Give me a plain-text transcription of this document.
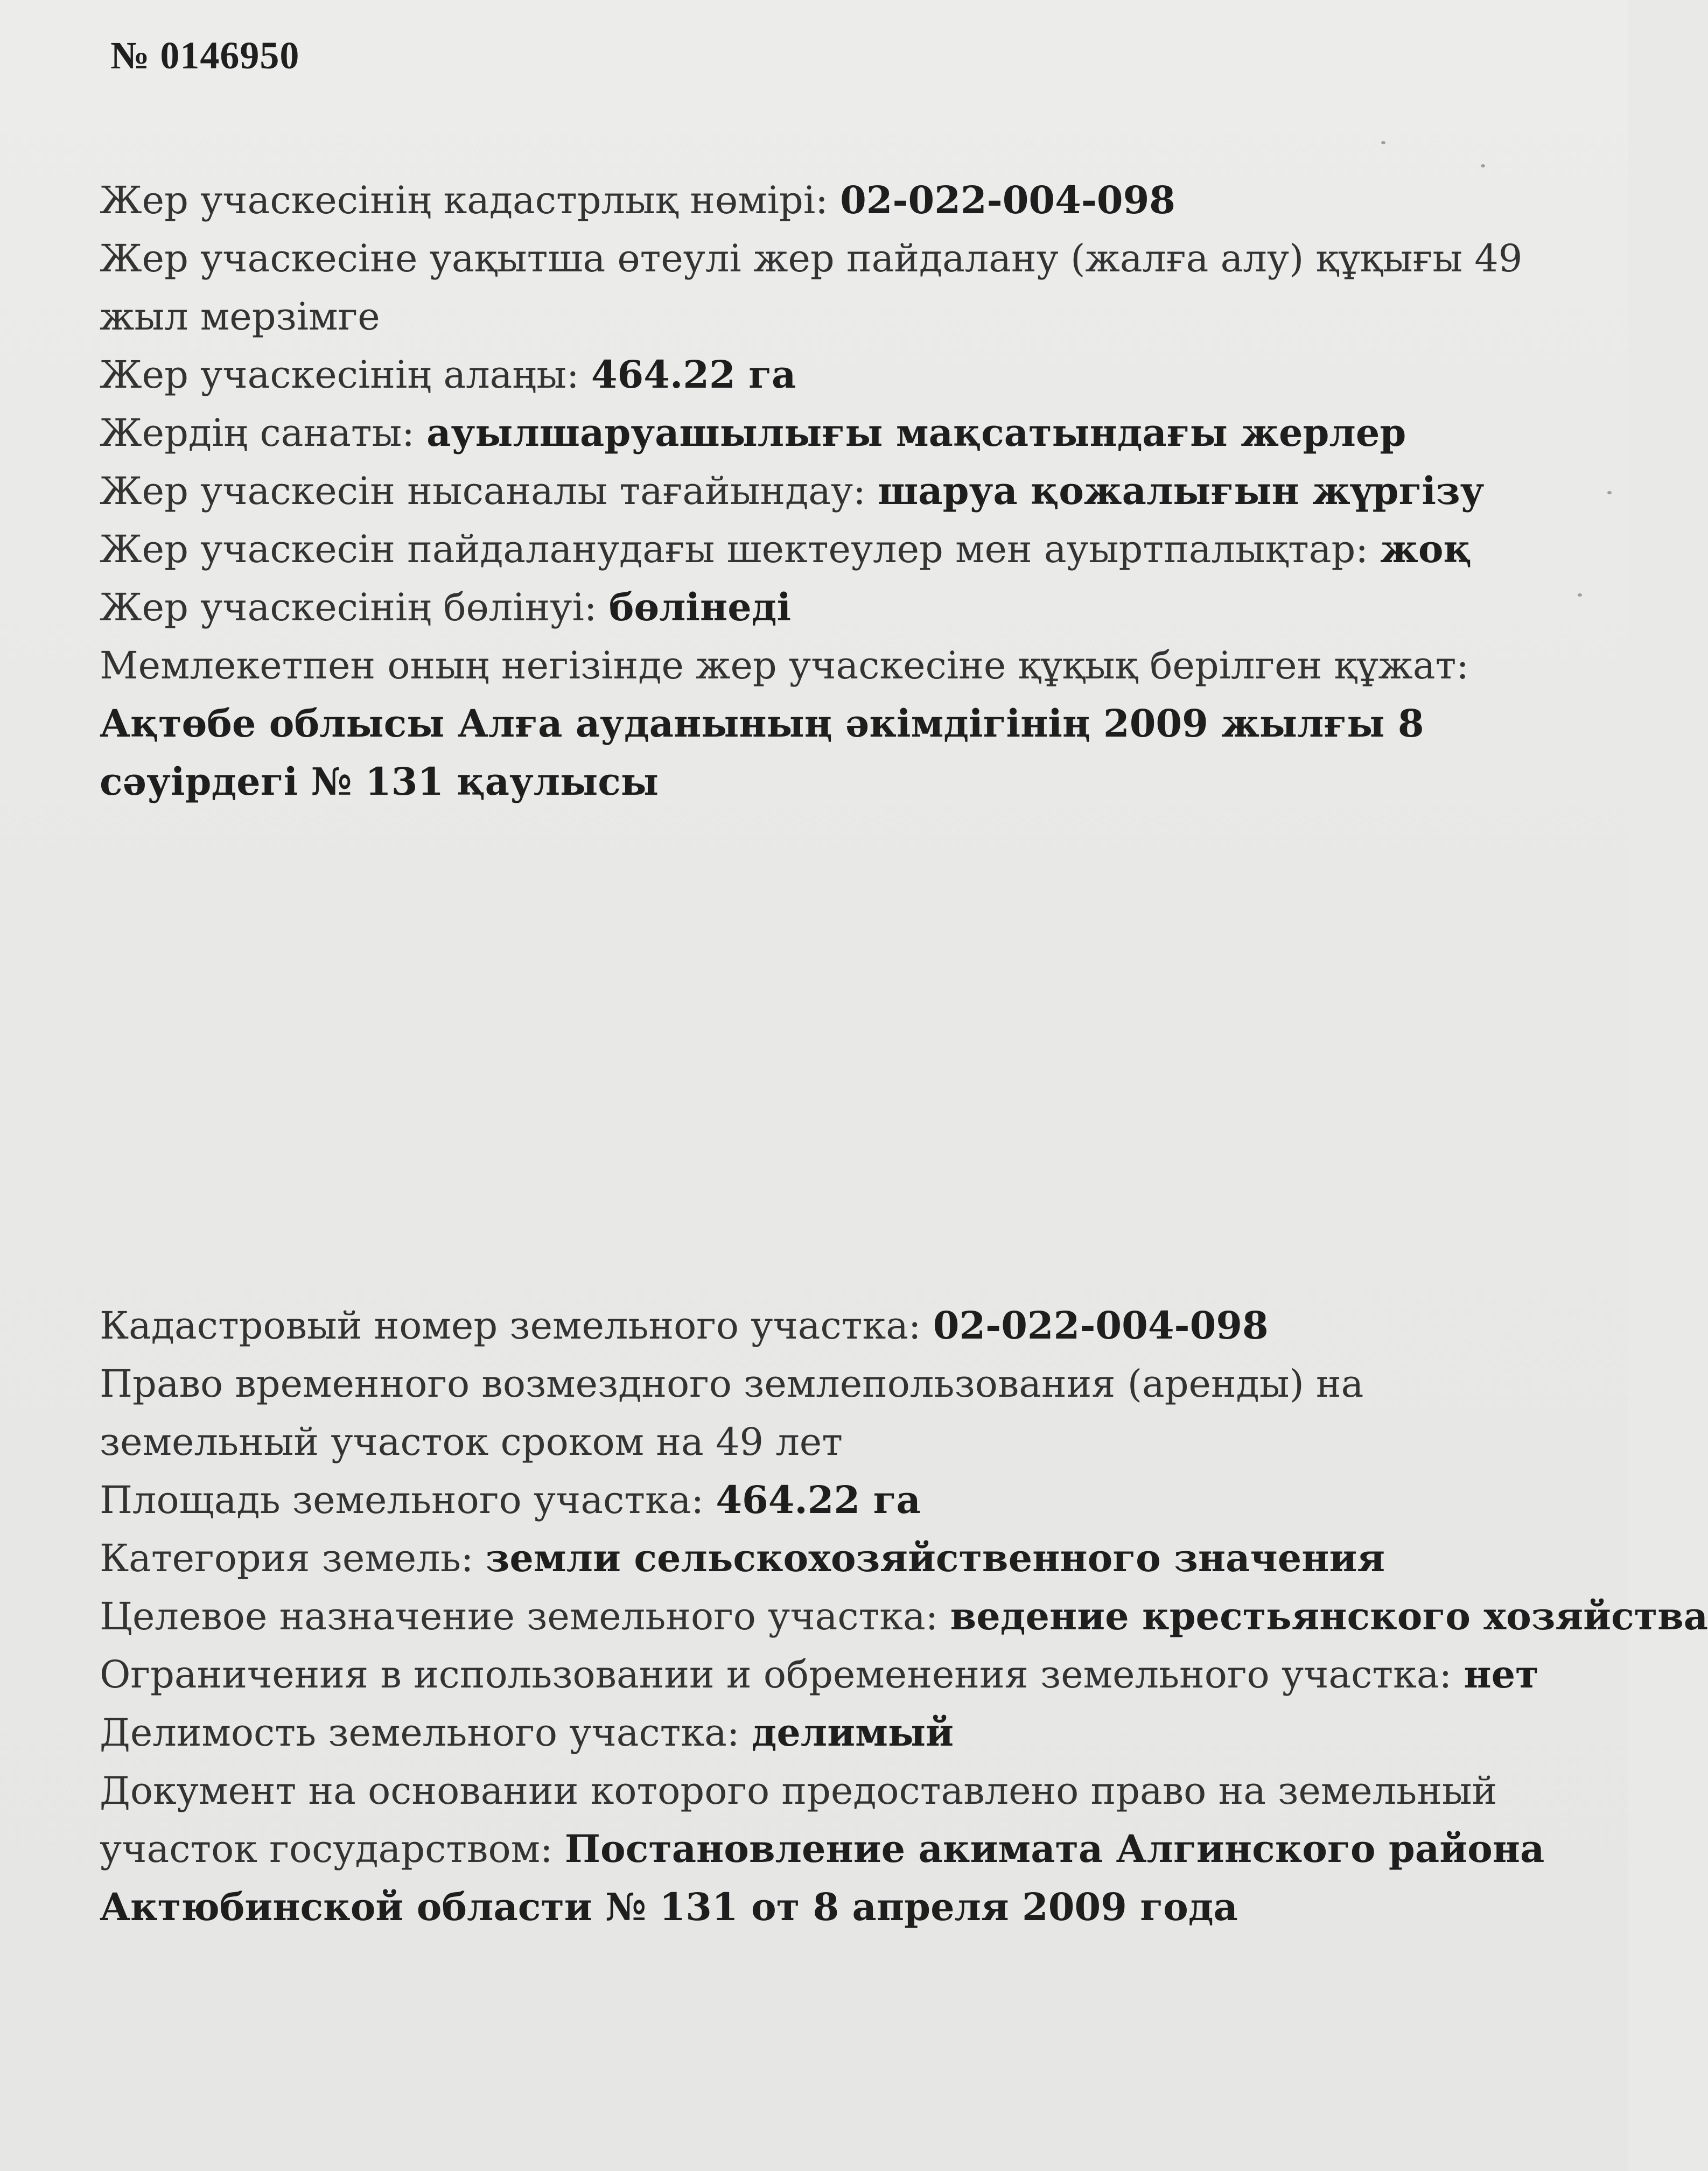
№ 0146950
Жер учаскесінің кадастрлық нөмірі: 02-022-004-098
Жер учаскесіне уақытша өтеулі жер пайдалану (жалға алу) құқығы 49 жыл мерзімге
Жер учаскесінің алаңы: 464.22 га
Жердің санаты: ауылшаруашылығы мақсатындағы жерлер
Жер учаскесін нысаналы тағайындау: шаруа қожалығын жүргізу
Жер учаскесін пайдаланудағы шектеулер мен ауыртпалықтар: жоқ
Жер учаскесінің бөлінуі: бөлінеді
Мемлекетпен оның негізінде жер учаскесіне құқық берілген құжат: Ақтөбе облысы Алға ауданының әкімдігінің 2009 жылғы 8 сәуірдегі № 131 қаулысы
Кадастровый номер земельного участка: 02-022-004-098
Право временного возмездного землепользования (аренды) на земельный участок сроком на 49 лет
Площадь земельного участка: 464.22 га
Категория земель: земли сельскохозяйственного значения
Целевое назначение земельного участка: ведение крестьянского хозяйства
Ограничения в использовании и обременения земельного участка: нет
Делимость земельного участка: делимый
Документ на основании которого предоставлено право на земельный участок государством: Постановление акимата Алгинского района Актюбинской области № 131 от 8 апреля 2009 года
